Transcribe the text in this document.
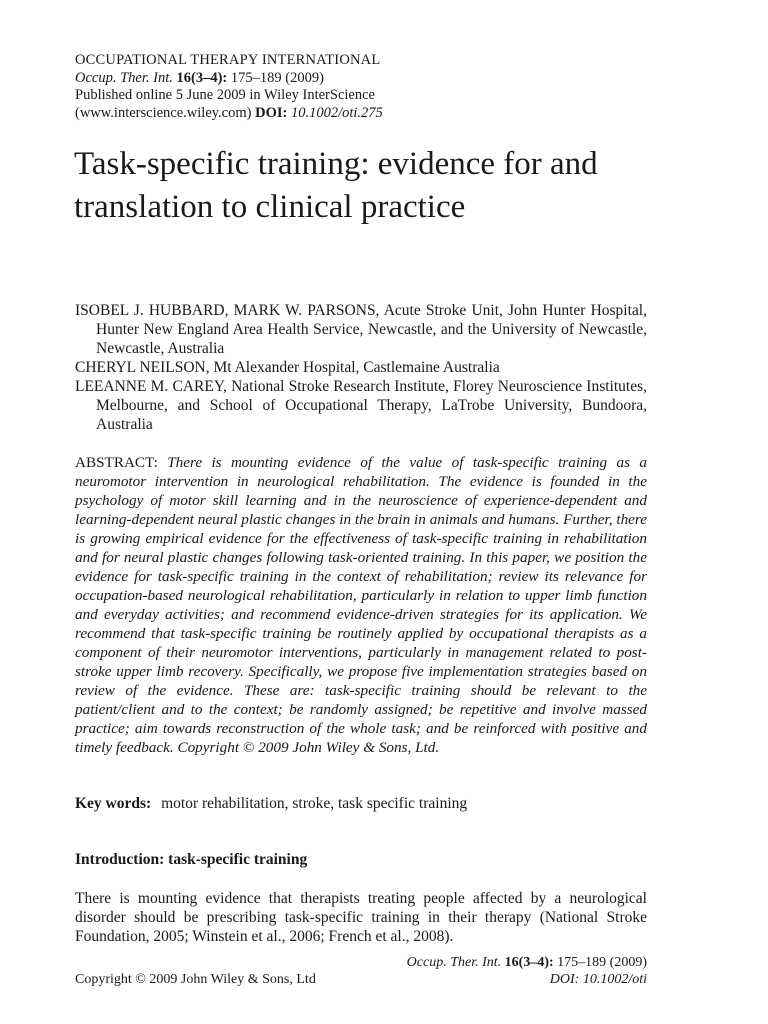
OCCUPATIONAL THERAPY INTERNATIONAL
Occup. Ther. Int. 16(3–4): 175–189 (2009)
Published online 5 June 2009 in Wiley InterScience
(www.interscience.wiley.com) DOI: 10.1002/oti.275
Task-specific training: evidence for and translation to clinical practice
ISOBEL J. HUBBARD, MARK W. PARSONS, Acute Stroke Unit, John Hunter Hospital, Hunter New England Area Health Service, Newcastle, and the University of Newcastle, Newcastle, Australia
CHERYL NEILSON, Mt Alexander Hospital, Castlemaine Australia
LEEANNE M. CAREY, National Stroke Research Institute, Florey Neuroscience Institutes, Melbourne, and School of Occupational Therapy, LaTrobe University, Bundoora, Australia
ABSTRACT: There is mounting evidence of the value of task-specific training as a neuromotor intervention in neurological rehabilitation. The evidence is founded in the psychology of motor skill learning and in the neuroscience of experience-dependent and learning-dependent neural plastic changes in the brain in animals and humans. Further, there is growing empirical evidence for the effectiveness of task-specific training in rehabilitation and for neural plastic changes following task-oriented training. In this paper, we position the evidence for task-specific training in the context of rehabilitation; review its relevance for occupation-based neurological rehabilitation, particularly in relation to upper limb function and everyday activities; and recommend evidence-driven strategies for its application. We recommend that task-specific training be routinely applied by occupational therapists as a component of their neuromotor interventions, particularly in management related to post-stroke upper limb recovery. Specifically, we propose five implementation strategies based on review of the evidence. These are: task-specific training should be relevant to the patient/client and to the context; be randomly assigned; be repetitive and involve massed practice; aim towards reconstruction of the whole task; and be reinforced with positive and timely feedback. Copyright © 2009 John Wiley & Sons, Ltd.
Key words: motor rehabilitation, stroke, task specific training
Introduction: task-specific training
There is mounting evidence that therapists treating people affected by a neurological disorder should be prescribing task-specific training in their therapy (National Stroke Foundation, 2005; Winstein et al., 2006; French et al., 2008).
Occup. Ther. Int. 16(3–4): 175–189 (2009)
DOI: 10.1002/oti
Copyright © 2009 John Wiley & Sons, Ltd
